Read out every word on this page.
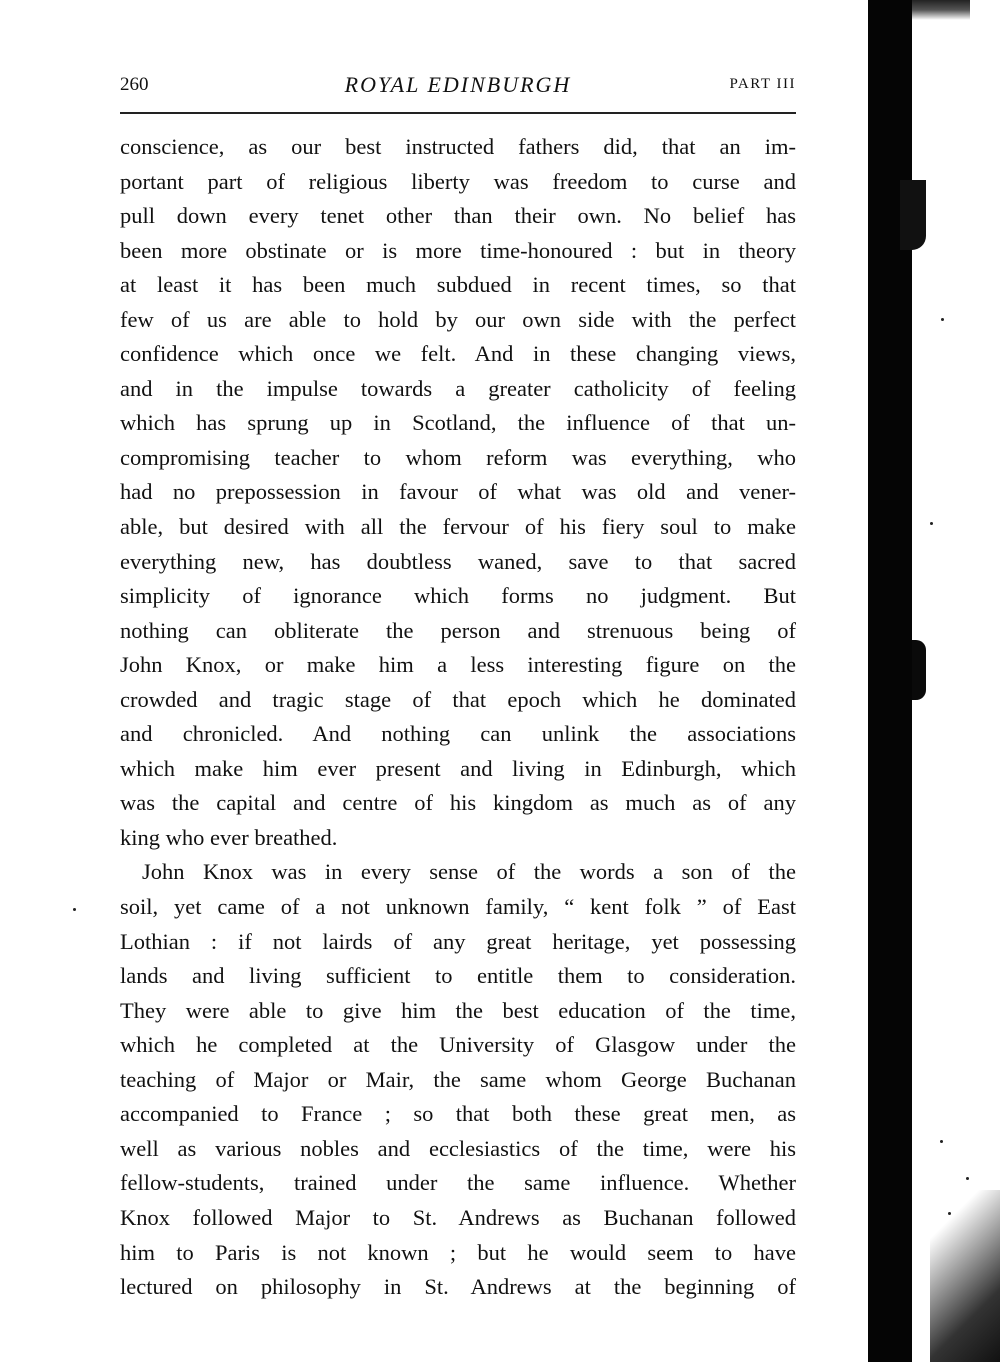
260	ROYAL EDINBURGH	PART III
conscience, as our best instructed fathers did, that an im-
portant part of religious liberty was freedom to curse and
pull down every tenet other than their own. No belief has
been more obstinate or is more time-honoured : but in theory
at least it has been much subdued in recent times, so that
few of us are able to hold by our own side with the perfect
confidence which once we felt. And in these changing views,
and in the impulse towards a greater catholicity of feeling
which has sprung up in Scotland, the influence of that un-
compromising teacher to whom reform was everything, who
had no prepossession in favour of what was old and vener-
able, but desired with all the fervour of his fiery soul to make
everything new, has doubtless waned, save to that sacred
simplicity of ignorance which forms no judgment. But
nothing can obliterate the person and strenuous being of
John Knox, or make him a less interesting figure on the
crowded and tragic stage of that epoch which he dominated
and chronicled. And nothing can unlink the associations
which make him ever present and living in Edinburgh, which
was the capital and centre of his kingdom as much as of any
king who ever breathed.
John Knox was in every sense of the words a son of the
soil, yet came of a not unknown family, “ kent folk ” of East
Lothian : if not lairds of any great heritage, yet possessing
lands and living sufficient to entitle them to consideration.
They were able to give him the best education of the time,
which he completed at the University of Glasgow under the
teaching of Major or Mair, the same whom George Buchanan
accompanied to France ; so that both these great men, as
well as various nobles and ecclesiastics of the time, were his
fellow-students, trained under the same influence. Whether
Knox followed Major to St. Andrews as Buchanan followed
him to Paris is not known ; but he would seem to have
lectured on philosophy in St. Andrews at the beginning of
